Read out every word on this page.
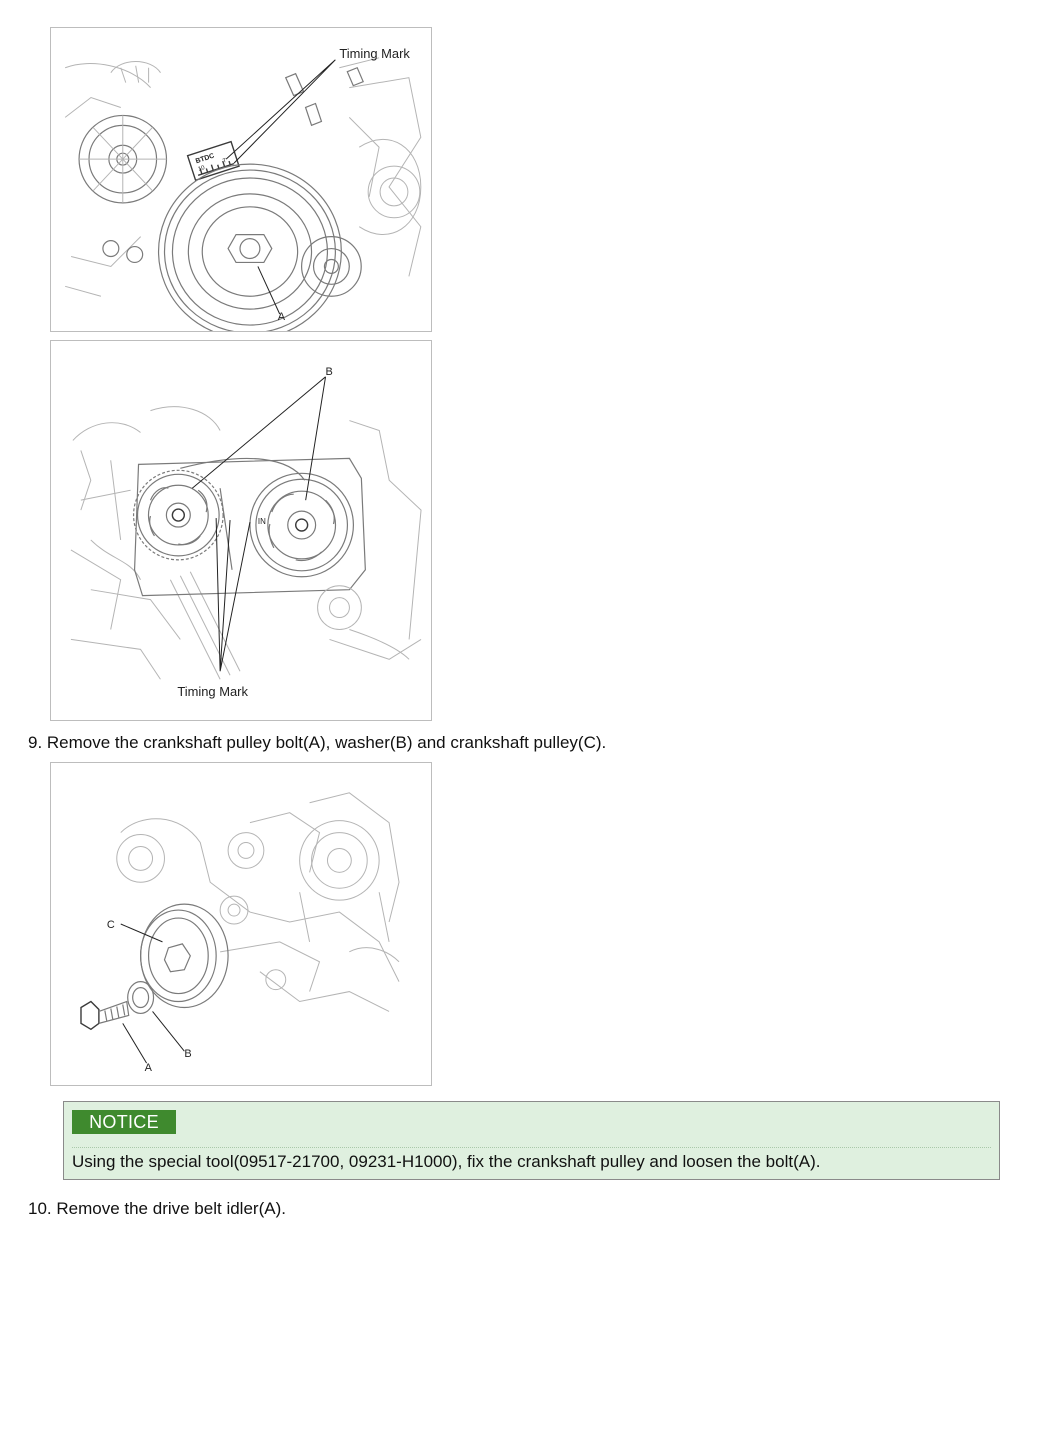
BTDC
10
T
Timing Mark
A
B
IN
Timing Mark
9. Remove the crankshaft pulley bolt(A), washer(B) and crankshaft pulley(C).
C
B
A
NOTICE
Using the special tool(09517-21700, 09231-H1000), fix the crankshaft pulley and loosen the bolt(A).
10. Remove the drive belt idler(A).
